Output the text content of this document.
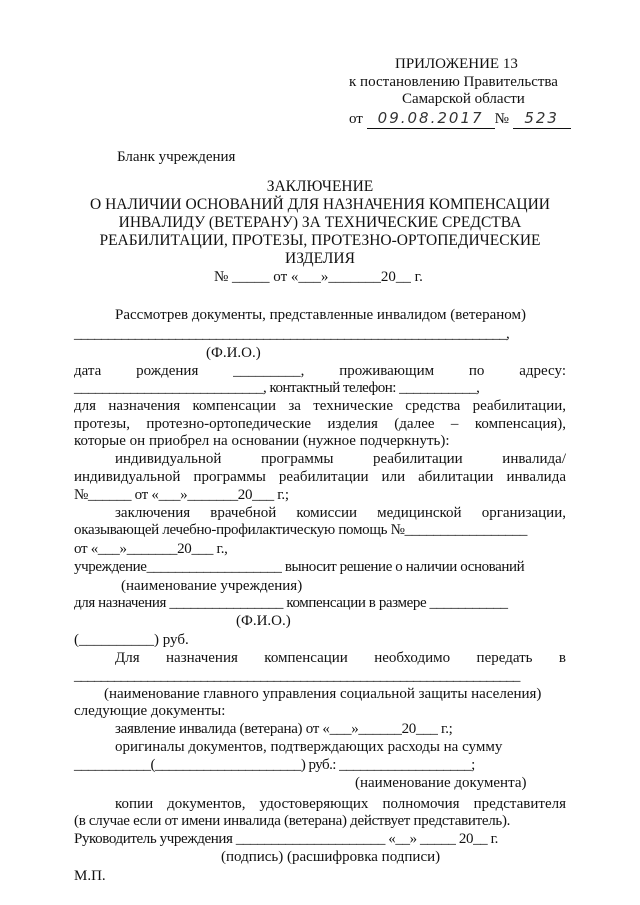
ПРИЛОЖЕНИЕ 13
к постановлению Правительства
Самарской области
от 09.08.2017 № 523
Бланк учреждения
ЗАКЛЮЧЕНИЕ
О НАЛИЧИИ ОСНОВАНИЙ ДЛЯ НАЗНАЧЕНИЯ КОМПЕНСАЦИИ
ИНВАЛИДУ (ВЕТЕРАНУ) ЗА ТЕХНИЧЕСКИЕ СРЕДСТВА
РЕАБИЛИТАЦИИ, ПРОТЕЗЫ, ПРОТЕЗНО-ОРТОПЕДИЧЕСКИЕ
ИЗДЕЛИЯ
№ _____ от «___»_______20__ г.
Рассмотрев документы, представленные инвалидом (ветераном)
________________________________________________________________,
(Ф.И.О.)
дата рождения _________, проживающим по адресу:
___________________________, контактный телефон: ___________,
для назначения компенсации за технические средства реабилитации,
протезы, протезно-ортопедические изделия (далее – компенсация),
которые он приобрел на основании (нужное подчеркнуть):
индивидуальной программы реабилитации инвалида/
индивидуальной программы реабилитации или абилитации инвалида
№______ от «___»_______20___ г.;
заключения врачебной комиссии медицинской организации,
оказывающей лечебно-профилактическую помощь №_________________
от «___»_______20___ г.,
учреждение___________________ выносит решение о наличии оснований
(наименование учреждения)
для назначения ________________ компенсации в размере ___________
(Ф.И.О.)
(__________) руб.
Для назначения компенсации необходимо передать в
___________________________________________________________________
(наименование главного управления социальной защиты населения)
следующие документы:
заявление инвалида (ветерана) от «___»______20___ г.;
оригиналы документов, подтверждающих расходы на сумму
___________(_____________________) руб.: ___________________;
(наименование документа)
копии документов, удостоверяющих полномочия представителя
(в случае если от имени инвалида (ветерана) действует представитель).
Руководитель учреждения _____________________ «__» _____ 20__ г.
(подпись) (расшифровка подписи)
М.П.
